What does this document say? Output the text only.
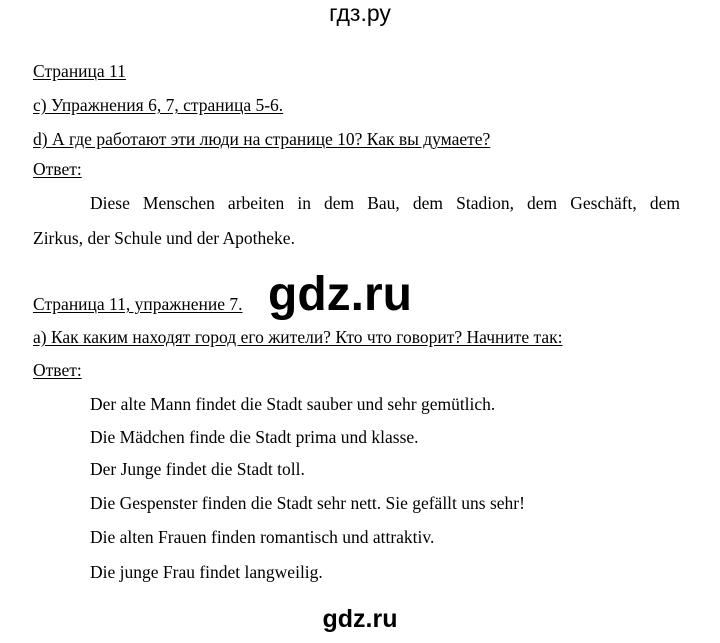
гдз.ру
Страница 11
c) Упражнения 6, 7, страница 5-6.
d) А где работают эти люди на странице 10? Как вы думаете?
Ответ:
Diese Menschen arbeiten in dem Bau, dem Stadion, dem Geschäft, dem
Zirkus, der Schule und der Apotheke.
gdz.ru
Страница 11, упражнение 7.
a) Как каким находят город его жители? Кто что говорит? Начните так:
Ответ:
Der alte Mann findet die Stadt sauber und sehr gemütlich.
Die Mädchen finde die Stadt prima und klasse.
Der Junge findet die Stadt toll.
Die Gespenster finden die Stadt sehr nett. Sie gefällt uns sehr!
Die alten Frauen finden romantisch und attraktiv.
Die junge Frau findet langweilig.
gdz.ru
